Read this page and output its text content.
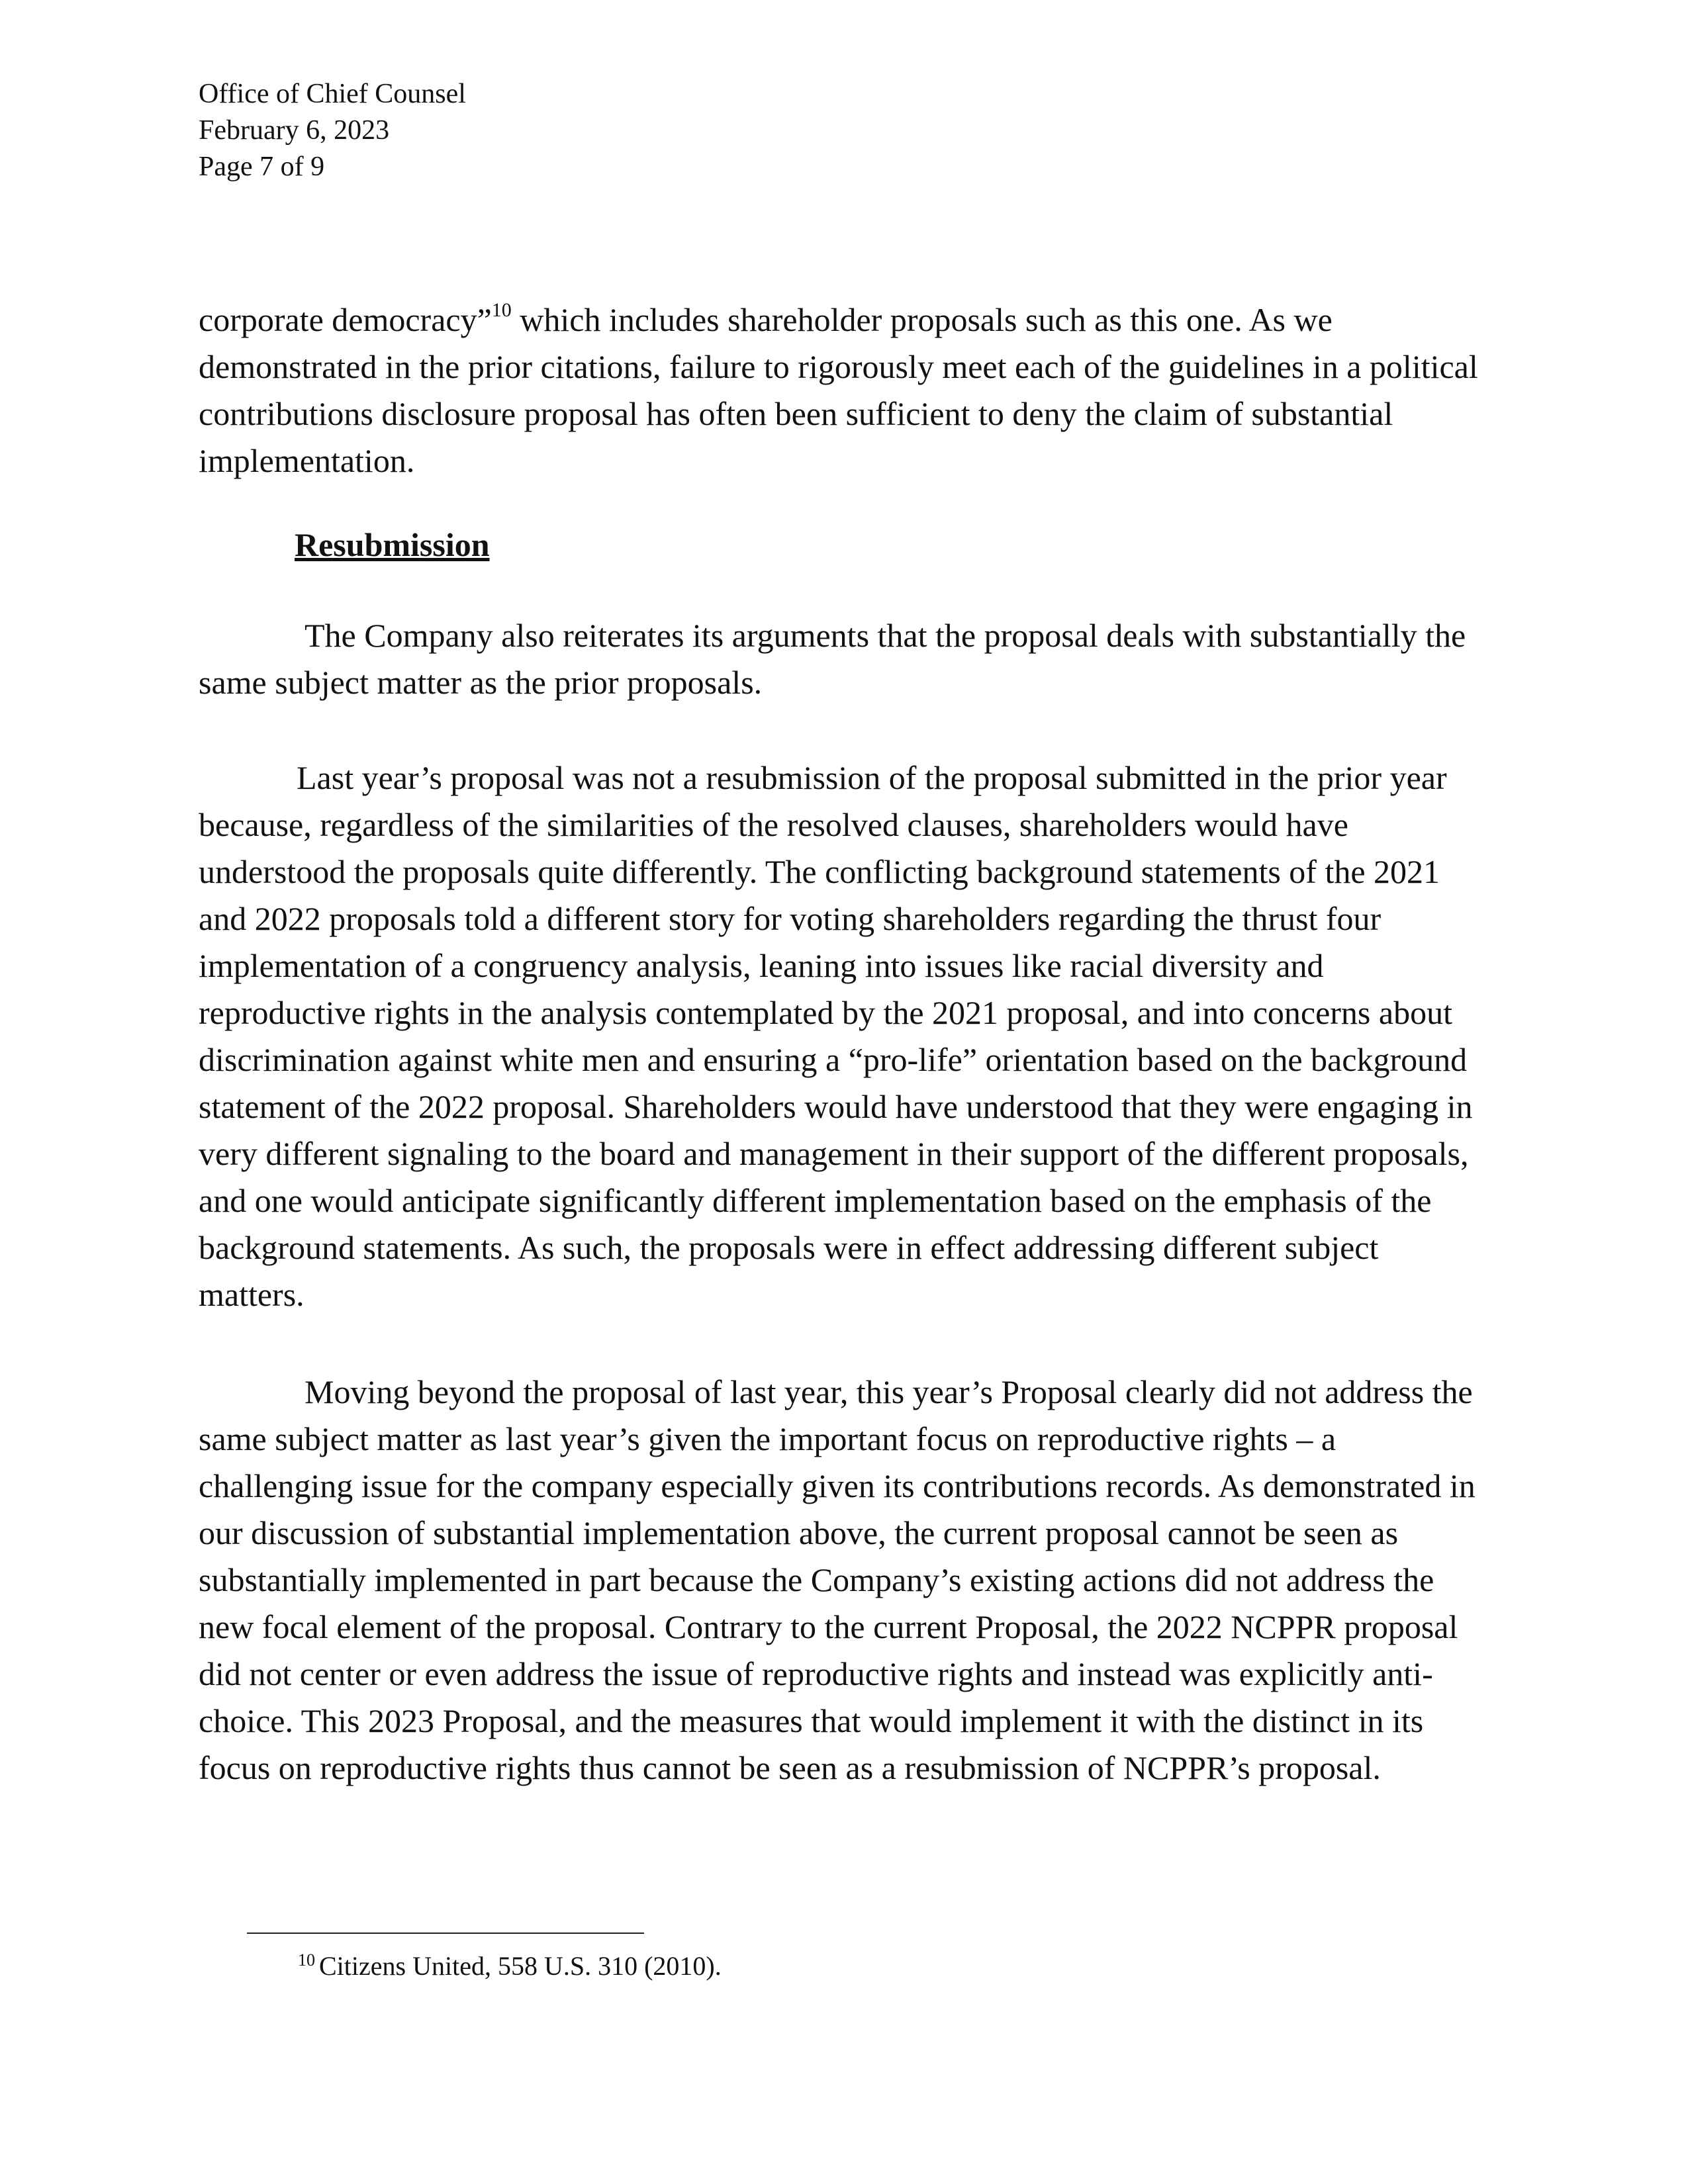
Office of Chief Counsel
February 6, 2023
Page 7 of 9

corporate democracy”$^{10}$ which includes shareholder proposals such as this one. As we demonstrated in the prior citations, failure to rigorously meet each of the guidelines in a political contributions disclosure proposal has often been sufficient to deny the claim of substantial implementation.

Resubmission

The Company also reiterates its arguments that the proposal deals with substantially the same subject matter as the prior proposals.

Last year’s proposal was not a resubmission of the proposal submitted in the prior year because, regardless of the similarities of the resolved clauses, shareholders would have understood the proposals quite differently. The conflicting background statements of the 2021 and 2022 proposals told a different story for voting shareholders regarding the thrust four implementation of a congruency analysis, leaning into issues like racial diversity and reproductive rights in the analysis contemplated by the 2021 proposal, and into concerns about discrimination against white men and ensuring a “pro-life” orientation based on the background statement of the 2022 proposal. Shareholders would have understood that they were engaging in very different signaling to the board and management in their support of the different proposals, and one would anticipate significantly different implementation based on the emphasis of the background statements. As such, the proposals were in effect addressing different subject matters.

Moving beyond the proposal of last year, this year’s Proposal clearly did not address the same subject matter as last year’s given the important focus on reproductive rights – a challenging issue for the company especially given its contributions records. As demonstrated in our discussion of substantial implementation above, the current proposal cannot be seen as substantially implemented in part because the Company’s existing actions did not address the new focal element of the proposal. Contrary to the current Proposal, the 2022 NCPPR proposal did not center or even address the issue of reproductive rights and instead was explicitly anti-choice. This 2023 Proposal, and the measures that would implement it with the distinct in its focus on reproductive rights thus cannot be seen as a resubmission of NCPPR’s proposal.

$^{10}$ Citizens United, 558 U.S. 310 (2010).
